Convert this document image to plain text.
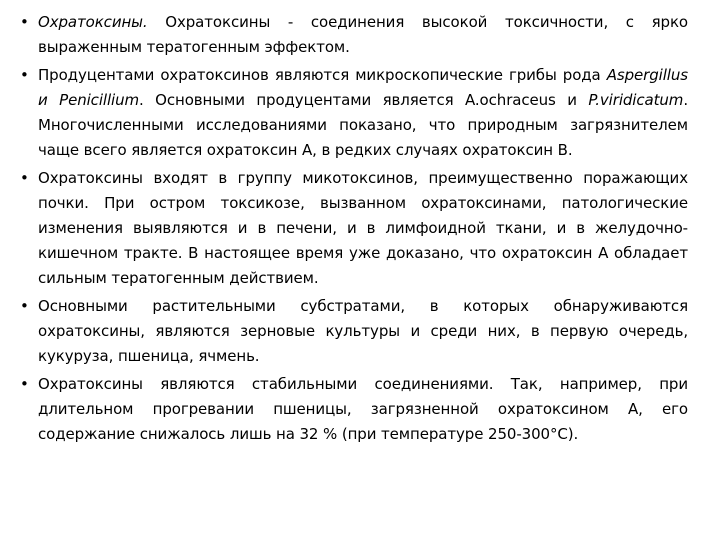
• Охратоксины. Охратоксины - соединения высокой токсичности, с ярко выраженным тератогенным эффектом.
• Продуцентами охратоксинов являются микроскопические грибы рода Aspergillus и Penicillium. Основными продуцентами является A.ochraceus и P.viridicatum. Многочисленными исследованиями показано, что природным загрязнителем чаще всего является охратоксин А, в редких случаях охратоксин В.
• Охратоксины входят в группу микотоксинов, преимущественно поражающих почки. При остром токсикозе, вызванном охратоксинами, патологические изменения выявляются и в печени, и в лимфоидной ткани, и в желудочно-кишечном тракте. В настоящее время уже доказано, что охратоксин А обладает сильным тератогенным действием.
• Основными растительными субстратами, в которых обнаруживаются охратоксины, являются зерновые культуры и среди них, в первую очередь, кукуруза, пшеница, ячмень.
• Охратоксины являются стабильными соединениями. Так, например, при длительном прогревании пшеницы, загрязненной охратоксином А, его содержание снижалось лишь на 32 % (при температуре 250-300°С).
